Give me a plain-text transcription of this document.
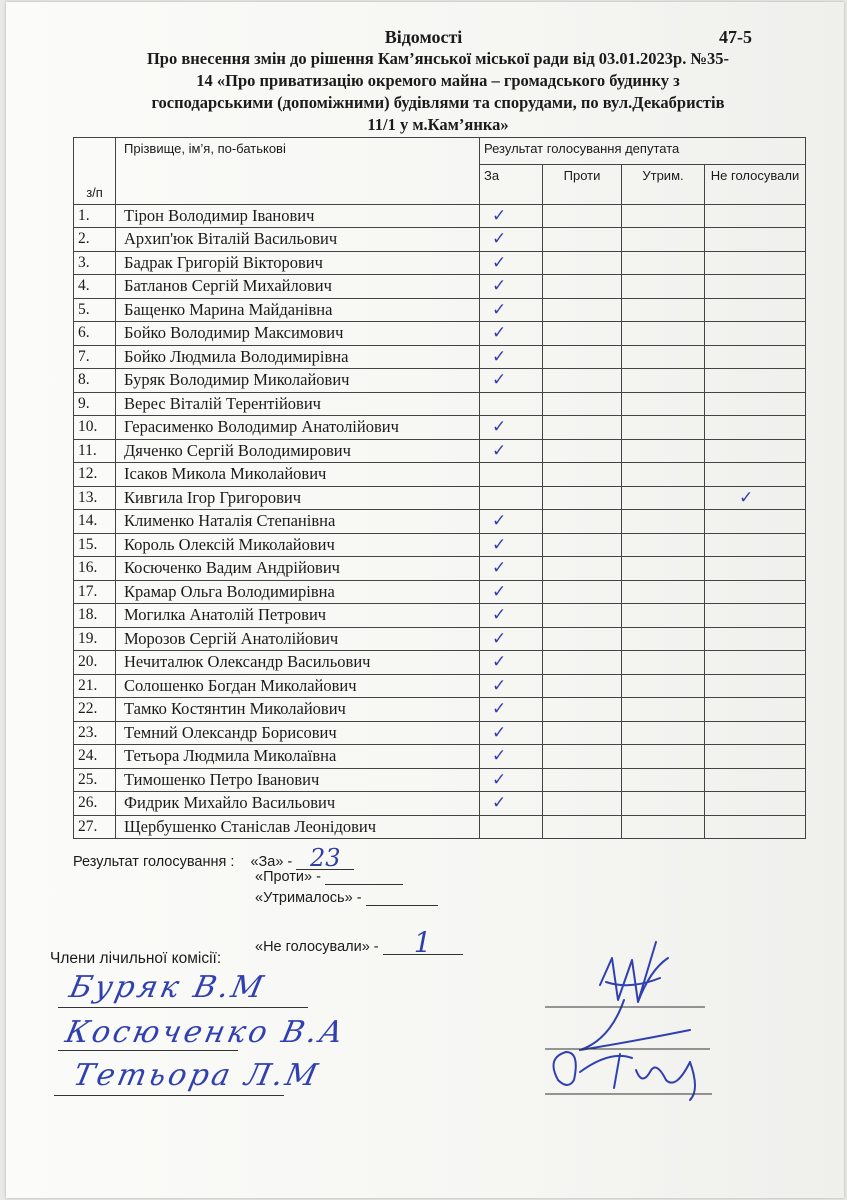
Відомості	47-5
Про внесення змін до рішення Кам’янської міської ради від 03.01.2023р. №35-
14 «Про приватизацію окремого майна – громадського будинку з
господарськими (допоміжними) будівлями та спорудами, по вул.Декабристів
11/1 у м.Кам’янка»
з/п	Прізвище, ім’я, по-батькові	Результат голосування депутата			
		За	Проти	Утрим.	Не голосували
1.	Тірон Володимир Іванович	✓			
2.	Архип'юк Віталій Васильович	✓			
3.	Бадрак Григорій Вікторович	✓			
4.	Батланов Сергій Михайлович	✓			
5.	Бащенко Марина Майданівна	✓			
6.	Бойко Володимир Максимович	✓			
7.	Бойко Людмила Володимирівна	✓			
8.	Буряк Володимир Миколайович	✓			
9.	Верес Віталій Терентійович				
10.	Герасименко Володимир Анатолійович	✓			
11.	Дяченко Сергій Володимирович	✓			
12.	Ісаков Микола Миколайович				
13.	Кивгила Ігор Григорович				✓
14.	Клименко Наталія Степанівна	✓			
15.	Король Олексій Миколайович	✓			
16.	Косюченко Вадим Андрійович	✓			
17.	Крамар Ольга Володимирівна	✓			
18.	Могилка Анатолій Петрович	✓			
19.	Морозов Сергій Анатолійович	✓			
20.	Нечиталюк Олександр Васильович	✓			
21.	Солошенко Богдан Миколайович	✓			
22.	Тамко Костянтин Миколайович	✓			
23.	Темний Олександр Борисович	✓			
24.	Тетьора Людмила Миколаївна	✓			
25.	Тимошенко Петро Іванович	✓			
26.	Фидрик Михайло Васильович	✓			
27.	Щербушенко Станіслав Леонідович				
Результат голосування : «За» - 23
«Проти» -
«Утрималось» -
«Не голосували» - 1
Члени лічильної комісії:
Буряк В.М
Косюченко В.А
Тетьора Л.М
